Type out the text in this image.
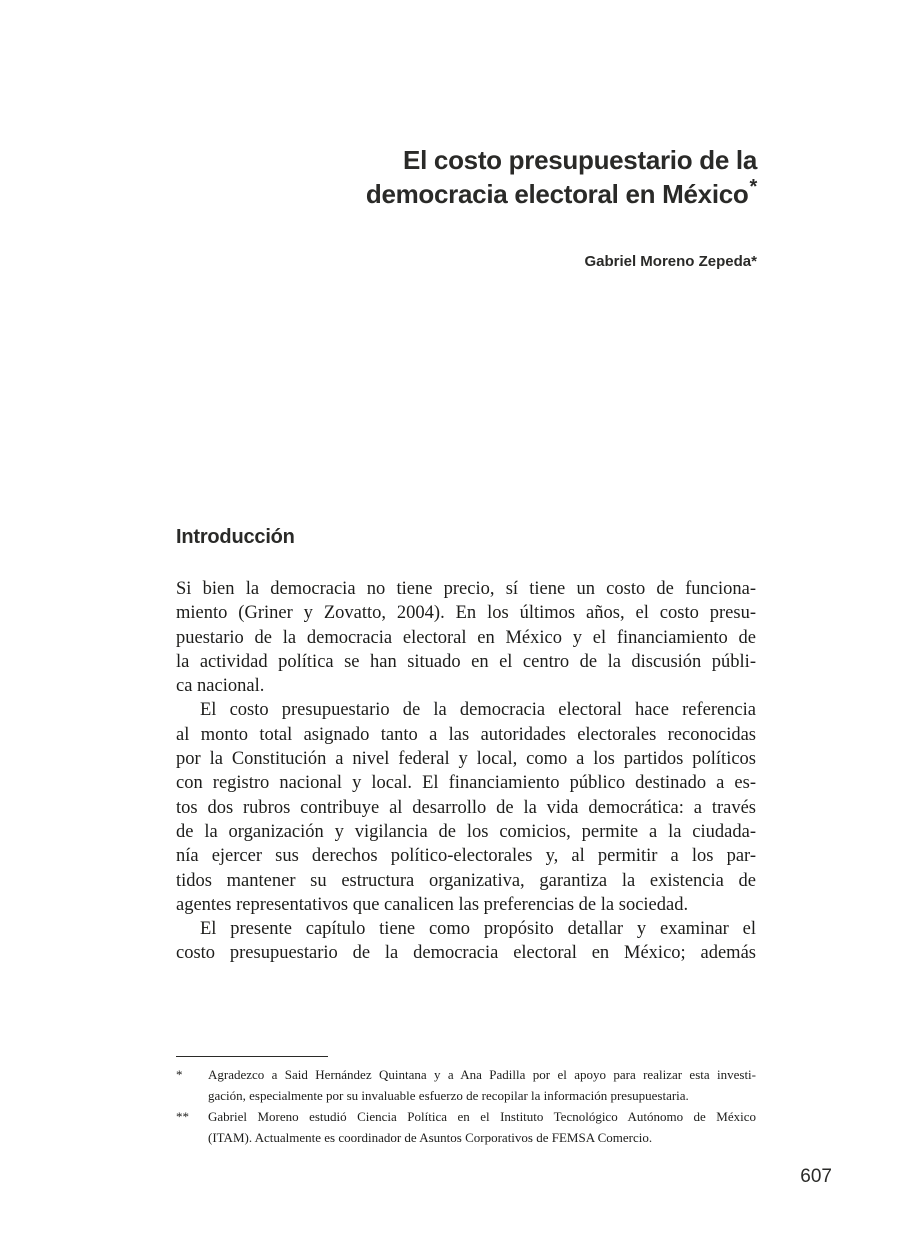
El costo presupuestario de la
democracia electoral en México*
Gabriel Moreno Zepeda*
Introducción
Si bien la democracia no tiene precio, sí tiene un costo de funciona-
miento (Griner y Zovatto, 2004). En los últimos años, el costo presu-
puestario de la democracia electoral en México y el financiamiento de
la actividad política se han situado en el centro de la discusión públi-
ca nacional.
El costo presupuestario de la democracia electoral hace referencia
al monto total asignado tanto a las autoridades electorales reconocidas
por la Constitución a nivel federal y local, como a los partidos políticos
con registro nacional y local. El financiamiento público destinado a es-
tos dos rubros contribuye al desarrollo de la vida democrática: a través
de la organización y vigilancia de los comicios, permite a la ciudada-
nía ejercer sus derechos político-electorales y, al permitir a los par-
tidos mantener su estructura organizativa, garantiza la existencia de
agentes representativos que canalicen las preferencias de la sociedad.
El presente capítulo tiene como propósito detallar y examinar el
costo presupuestario de la democracia electoral en México; además
* Agradezco a Said Hernández Quintana y a Ana Padilla por el apoyo para realizar esta investi-
gación, especialmente por su invaluable esfuerzo de recopilar la información presupuestaria.
** Gabriel Moreno estudió Ciencia Política en el Instituto Tecnológico Autónomo de México
(ITAM). Actualmente es coordinador de Asuntos Corporativos de FEMSA Comercio.
607
